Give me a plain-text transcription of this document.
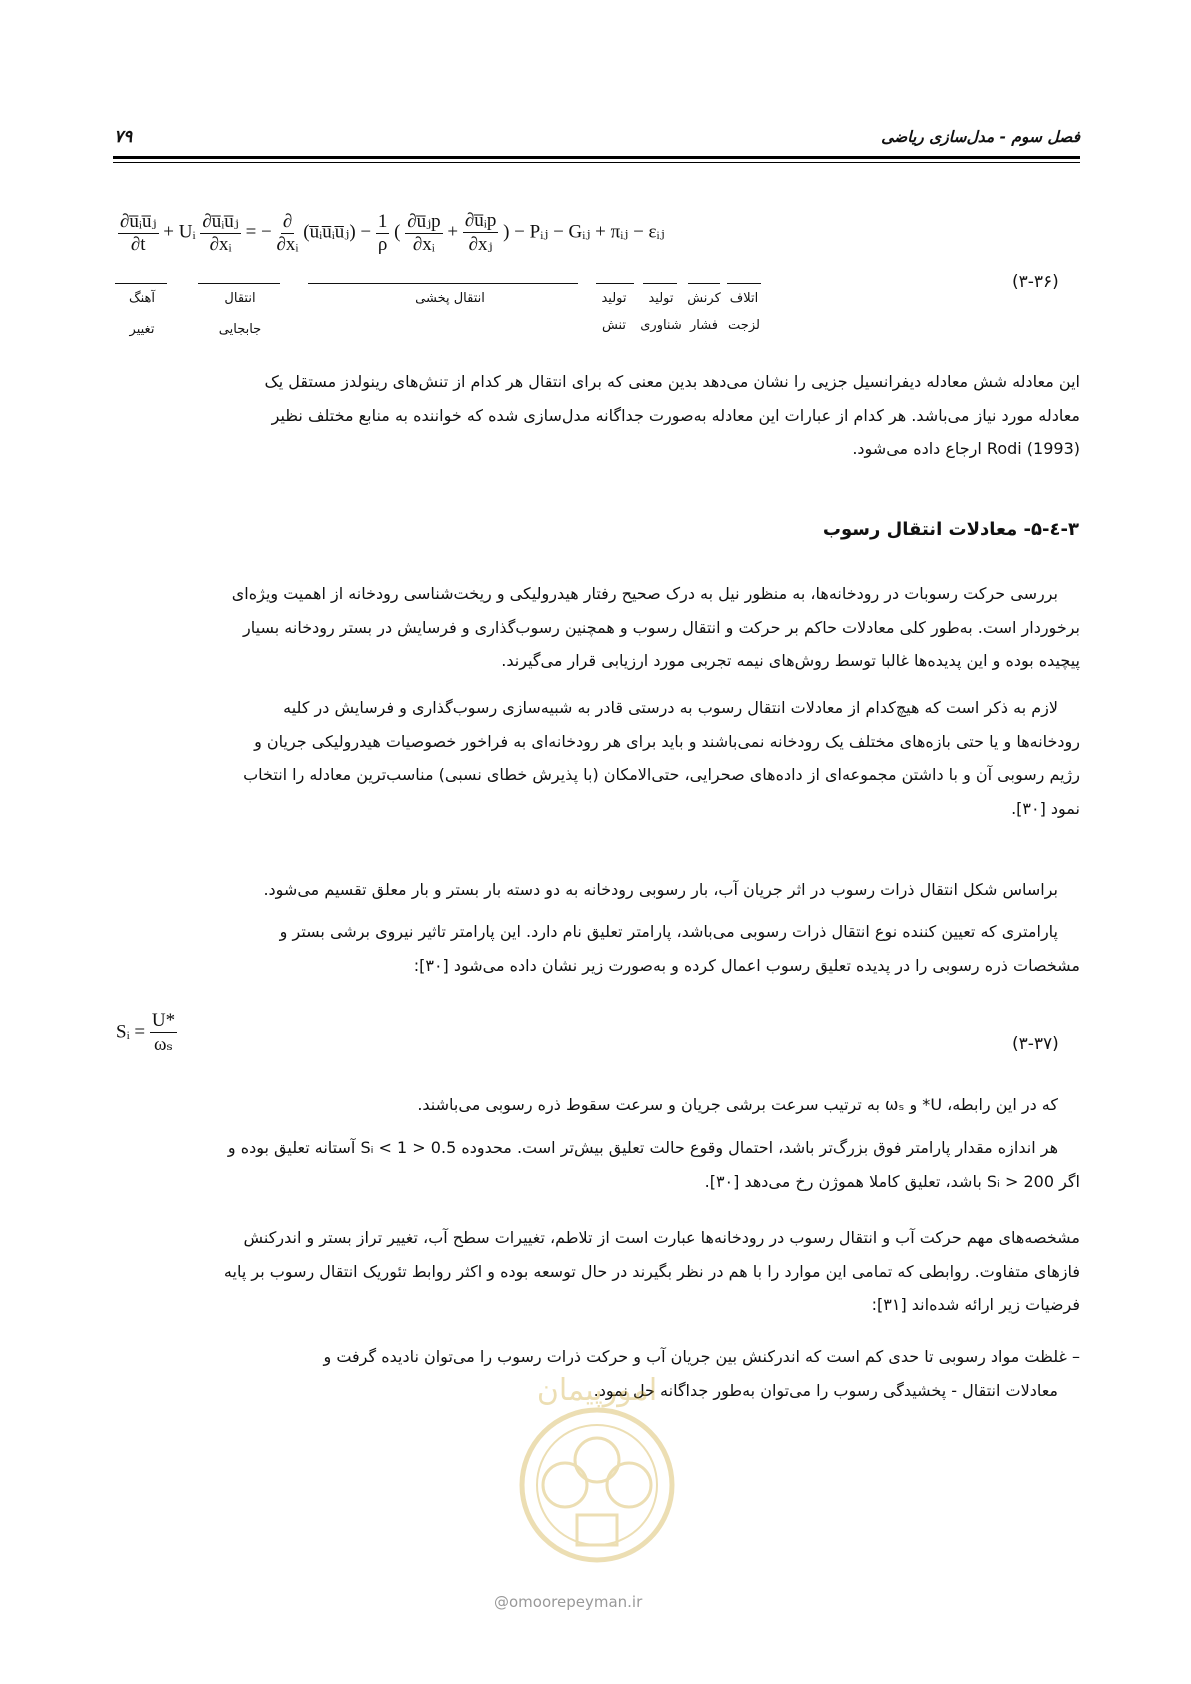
فصل سوم - مدل‌سازی ریاضی
۷۹
$\frac{\text{∂u̅ᵢu̅ⱼ}}{\partial t}$ + Uᵢ $\frac{\text{∂u̅ᵢu̅ⱼ}}{\text{∂xᵢ}}$ = − $\frac{\partial}{\text{∂xᵢ}}$ (u̅ᵢu̅ᵢu̅ⱼ) − $\frac{1}{\rho}$ ( $\frac{\text{∂u̅ⱼp}}{\text{∂xᵢ}} + \frac{\text{∂u̅ᵢp}}{\text{∂xⱼ}}$ ) − Pᵢⱼ − Gᵢⱼ + πᵢⱼ − εᵢⱼ
(۳-۳۶)
آهنگ
تغییر
انتقال
جابجایی
انتقال پخشی	تولید
تنش
تولید
شناوری
کرنش
فشار
اتلاف
لزجت
این معادله شش معادله دیفرانسیل جزیی را نشان می‌دهد بدین معنی که برای انتقال هر کدام از تنش‌های رینولدز مستقل یک
معادله مورد نیاز می‌باشد. هر کدام از عبارات این معادله به‌صورت جداگانه مدل‌سازی شده که خواننده به منابع مختلف نظیر
Rodi (1993) ارجاع داده می‌شود.
۳-٤-۵- معادلات انتقال رسوب
بررسی حرکت رسوبات در رودخانه‌ها، به منظور نیل به درک صحیح رفتار هیدرولیکی و ریخت‌شناسی رودخانه از اهمیت ویژه‌ای
برخوردار است. به‌طور کلی معادلات حاکم بر حرکت و انتقال رسوب و همچنین رسوب‌گذاری و فرسایش در بستر رودخانه بسیار
پیچیده بوده و این پدیده‌ها غالبا توسط روش‌های نیمه تجربی مورد ارزیابی قرار می‌گیرند.
لازم به ذکر است که هیچ‌کدام از معادلات انتقال رسوب به درستی قادر به شبیه‌سازی رسوب‌گذاری و فرسایش در کلیه
رودخانه‌ها و یا حتی بازه‌های مختلف یک رودخانه نمی‌باشند و باید برای هر رودخانه‌ای به فراخور خصوصیات هیدرولیکی جریان و
رژیم رسوبی آن و با داشتن مجموعه‌ای از داده‌های صحرایی، حتی‌الامکان (با پذیرش خطای نسبی) مناسب‌ترین معادله را انتخاب
نمود [۳۰].
براساس شکل انتقال ذرات رسوب در اثر جریان آب، بار رسوبی رودخانه به دو دسته بار بستر و بار معلق تقسیم می‌شود.
پارامتری که تعیین کننده نوع انتقال ذرات رسوبی می‌باشد، پارامتر تعلیق نام دارد. این پارامتر تاثیر نیروی برشی بستر و
مشخصات ذره رسوبی را در پدیده تعلیق رسوب اعمال کرده و به‌صورت زیر نشان داده می‌شود [۳۰]:
Sᵢ = $\frac{U*}{\text{ωₛ}}$	(۳-۳۷)
که در این رابطه، U* و ωₛ به ترتیب سرعت برشی جریان و سرعت سقوط ذره رسوبی می‌باشند.
هر اندازه مقدار پارامتر فوق بزرگ‌تر باشد، احتمال وقوع حالت تعلیق بیش‌تر است. محدوده 0.5 < Sᵢ < 1 آستانه تعلیق بوده و
اگر Sᵢ > 200 باشد، تعلیق کاملا هموژن رخ می‌دهد [۳۰].
مشخصه‌های مهم حرکت آب و انتقال رسوب در رودخانه‌ها عبارت است از تلاطم، تغییرات سطح آب، تغییر تراز بستر و اندرکنش
فازهای متفاوت. روابطی که تمامی این موارد را با هم در نظر بگیرند در حال توسعه بوده و اکثر روابط تئوریک انتقال رسوب بر پایه
فرضیات زیر ارائه شده‌اند [۳۱]:
– غلظت مواد رسوبی تا حدی کم است که اندرکنش بین جریان آب و حرکت ذرات رسوب را می‌توان نادیده گرفت و
معادلات انتقال - پخشیدگی رسوب را می‌توان به‌طور جداگانه حل نمود.
امورپیمان
@omoorepeyman.ir
